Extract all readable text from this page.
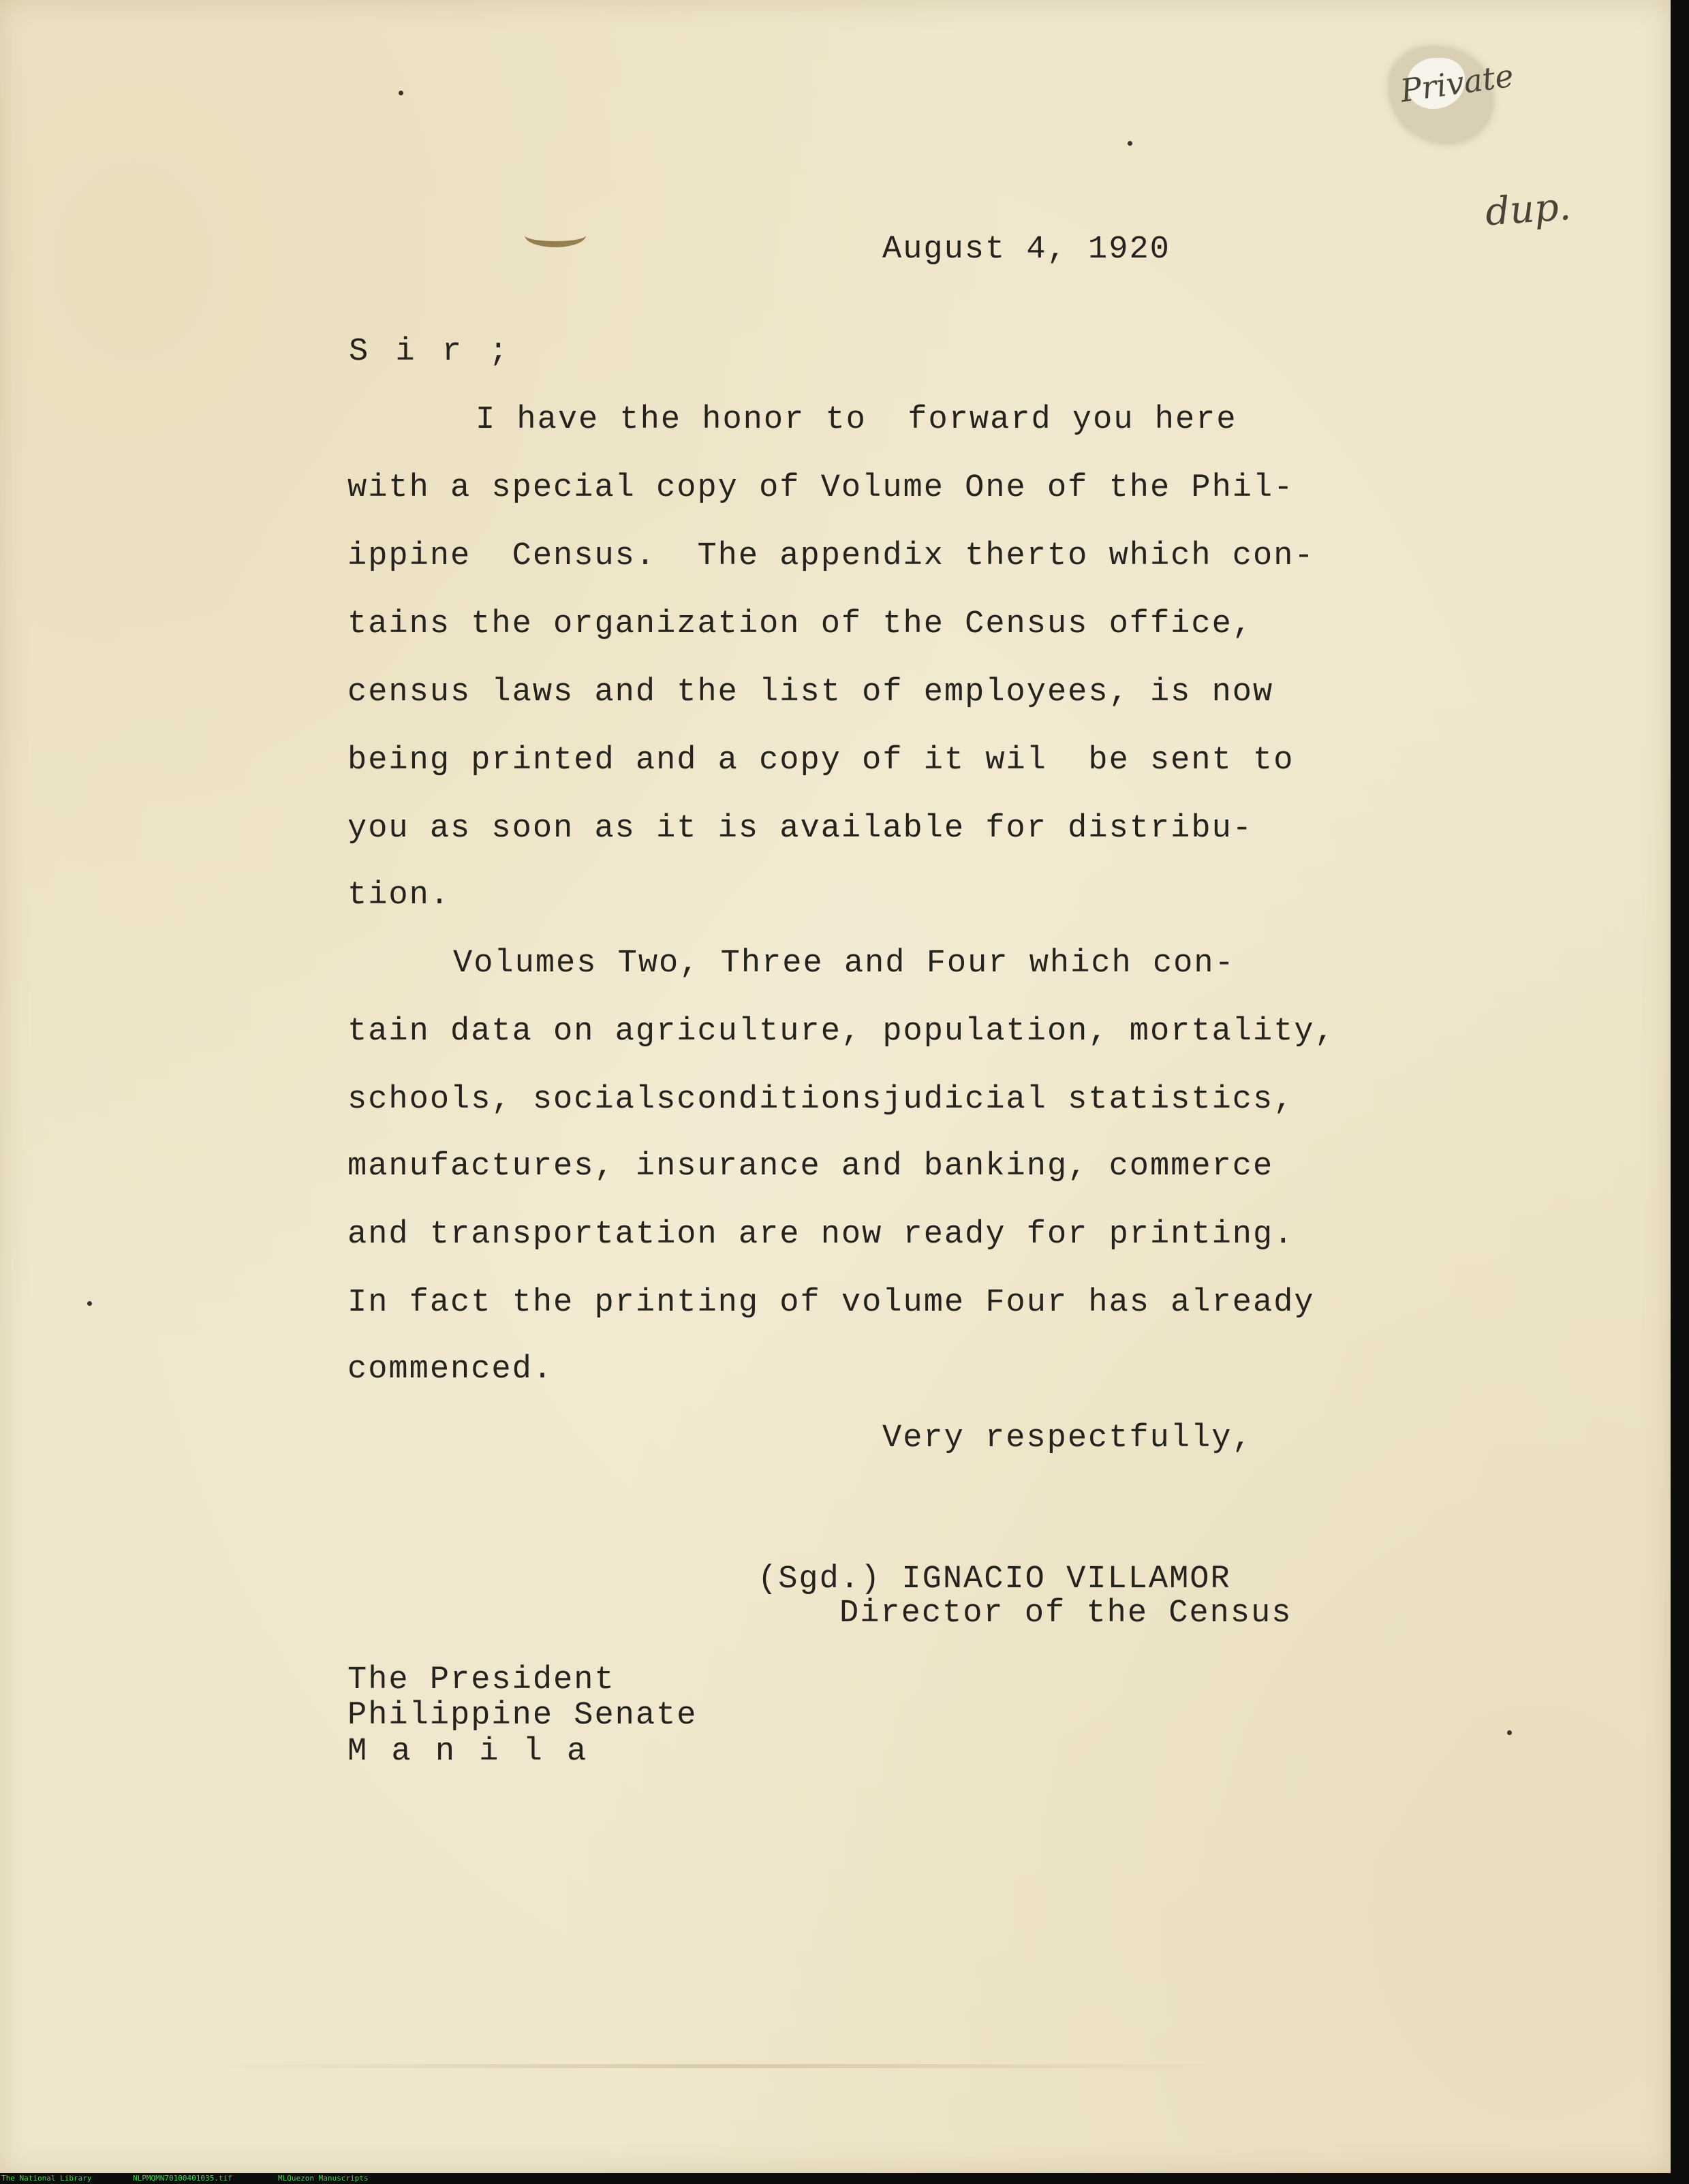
Private
dup.

August 4, 1920

S i r ;

I have the honor to  forward you here

with a special copy of Volume One of the Phil-

ippine  Census.  The appendix therto which con-

tains the organization of the Census office,

census laws and the list of employees, is now

being printed and a copy of it wil  be sent to

you as soon as it is available for distribu-

tion.

Volumes Two, Three and Four which con-

tain data on agriculture, population, mortality,

schools, socialsconditionsjudicial statistics,

manufactures, insurance and banking, commerce

and transportation are now ready for printing.

In fact the printing of volume Four has already

commenced.

Very respectfully,

(Sgd.) IGNACIO VILLAMOR

Director of the Census

The President

Philippine Senate

M a n i l a

The National Library	NLPMQMN70100401035.tif	MLQuezon Manuscripts
